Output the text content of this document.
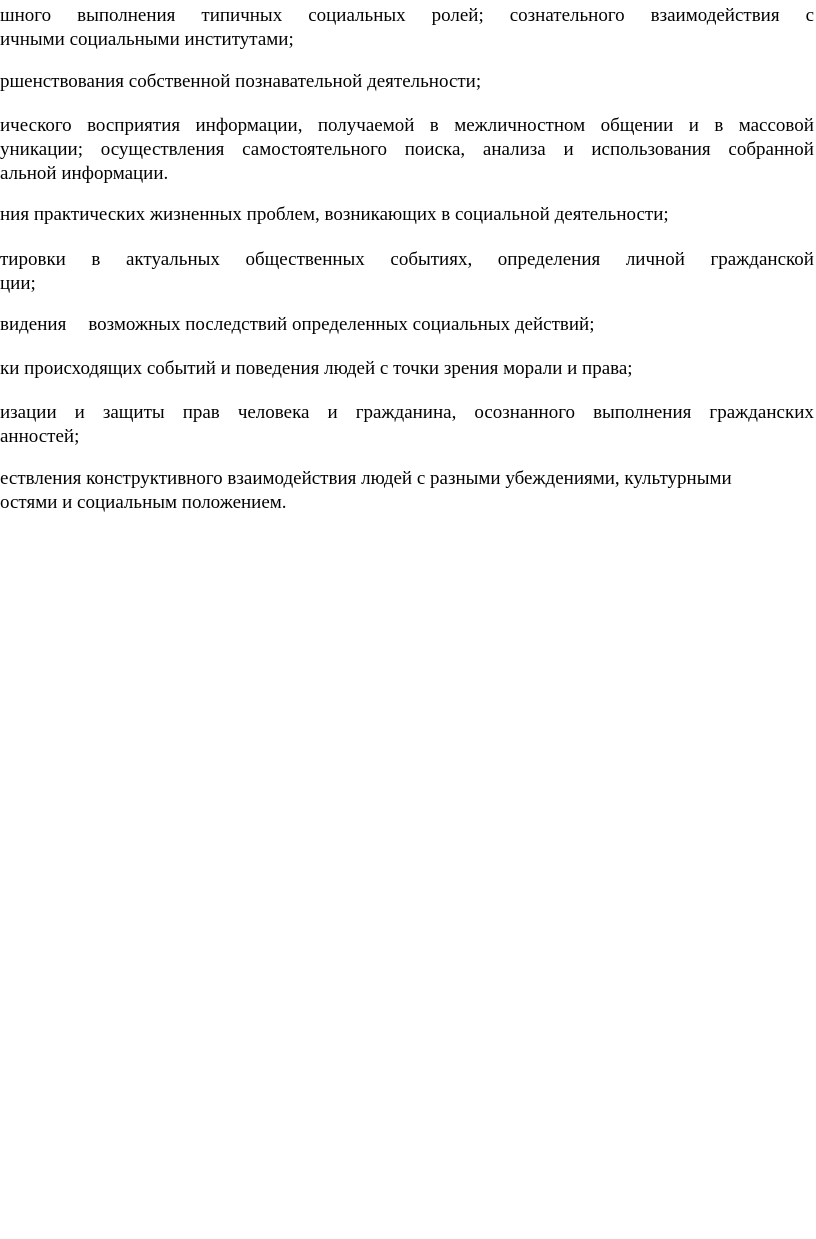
шного выполнения типичных социальных ролей; сознательного взаимодействия с
ичными социальными институтами;
ршенствования собственной познавательной деятельности;
ического восприятия информации, получаемой в межличностном общении и в массовой
уникации; осуществления самостоятельного поиска, анализа и использования собранной
альной информации.
ния практических жизненных проблем, возникающих в социальной деятельности;
тировки в актуальных общественных событиях, определения личной гражданской
ции;
видения возможных последствий определенных социальных действий;
ки происходящих событий и поведения людей с точки зрения морали и права;
изации и защиты прав человека и гражданина, осознанного выполнения гражданских
анностей;
ествления конструктивного взаимодействия людей с разными убеждениями, культурными
остями и социальным положением.
